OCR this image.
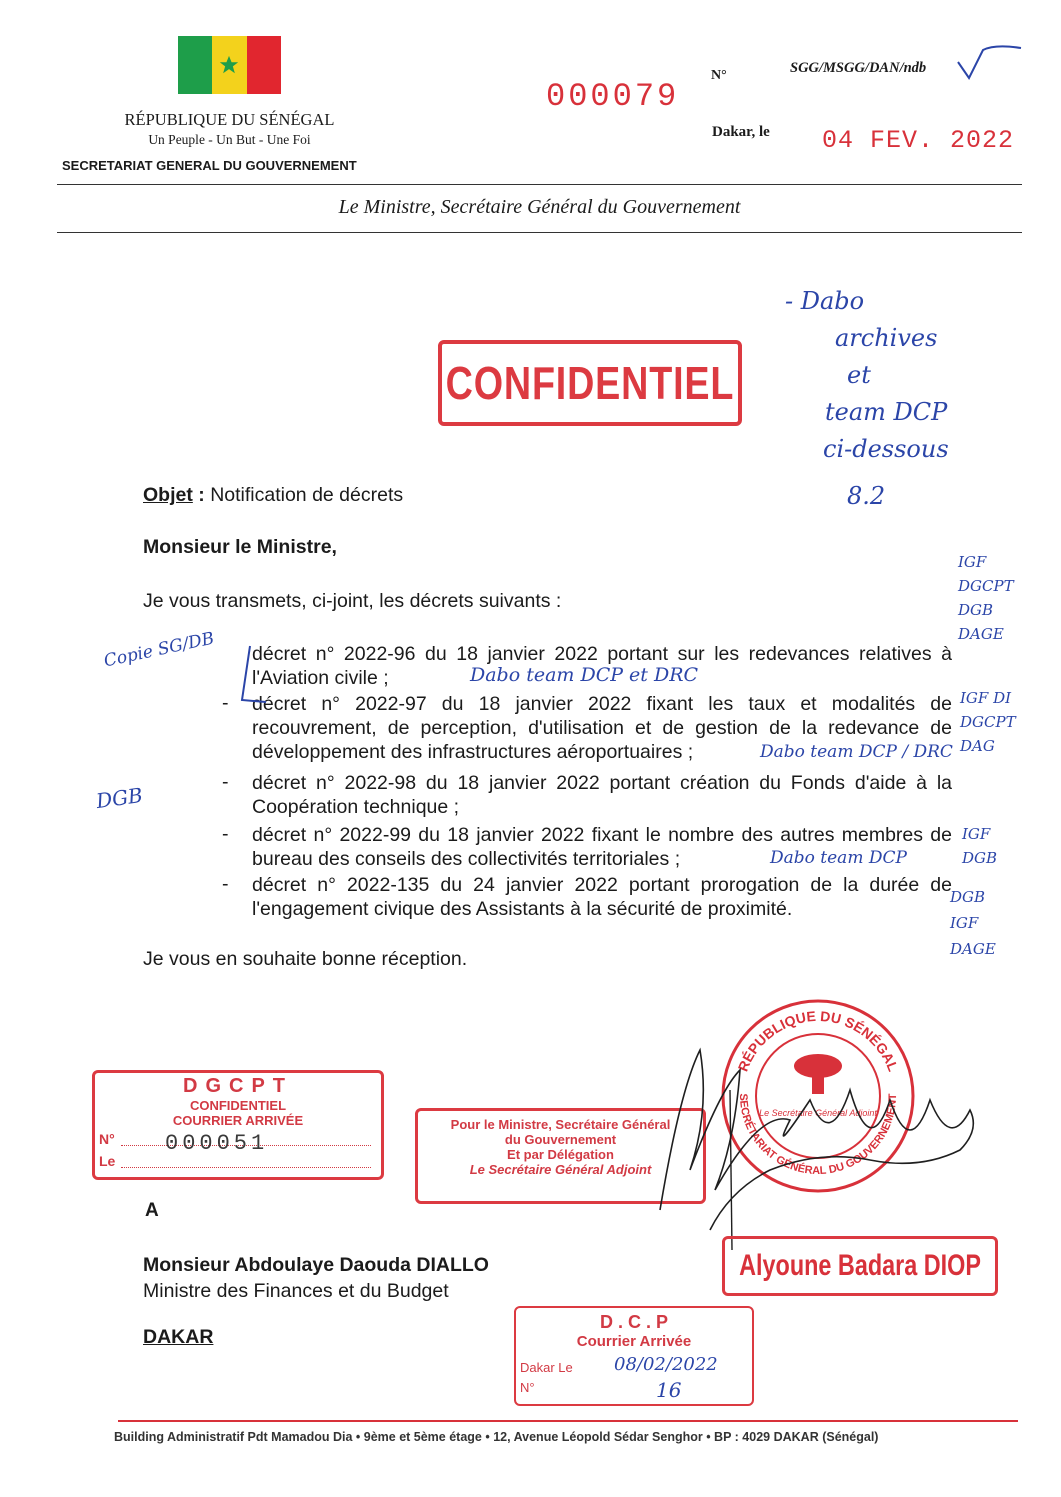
RÉPUBLIQUE DU SÉNÉGAL
Un Peuple - Un But - Une Foi
SECRETARIAT GENERAL DU GOUVERNEMENT
000079
N°	SGG/MSGG/DAN/ndb
Dakar, le 04 FEV. 2022
Le Ministre, Secrétaire Général du Gouvernement
CONFIDENTIEL
- Dabo
archives
et
team DCP
ci-dessous
8.2
Objet : Notification de décrets
Monsieur le Ministre,
Je vous transmets, ci-joint, les décrets suivants :
décret n° 2022-96 du 18 janvier 2022 portant sur les redevances relatives à l'Aviation civile ;
- décret n° 2022-97 du 18 janvier 2022 fixant les taux et modalités de recouvrement, de perception, d'utilisation et de gestion de la redevance de développement des infrastructures aéroportuaires ;
- décret n° 2022-98 du 18 janvier 2022 portant création du Fonds d'aide à la Coopération technique ;
- décret n° 2022-99 du 18 janvier 2022 fixant le nombre des autres membres de bureau des conseils des collectivités territoriales ;
- décret n° 2022-135 du 24 janvier 2022 portant prorogation de la durée de l'engagement civique des Assistants à la sécurité de proximité.
Je vous en souhaite bonne réception.
Copie SG/DB
DGB
Dabo team DCP et DRC
Dabo team DCP / DRC
Dabo team DCP
IGF
DGCPT
DGB
DAGE
IGF DI
DGCPT
DAG
IGF
DGB
DGB
IGF
DAGE
DGCPT
CONFIDENTIEL
COURRIER ARRIVÉE
N° 000051
Le
Pour le Ministre, Secrétaire Général
du Gouvernement
Et par Délégation
Le Secrétaire Général Adjoint
RÉPUBLIQUE DU SÉNÉGAL
SECRÉTARIAT GÉNÉRAL DU GOUVERNEMENT
Le Secrétaire Général Adjoint
Alyoune Badara DIOP
A
Monsieur Abdoulaye Daouda DIALLO
Ministre des Finances et du Budget
DAKAR
D . C . P
Courrier Arrivée
Dakar Le
N°
08/02/2022
16
Building Administratif Pdt Mamadou Dia • 9ème et 5ème étage • 12, Avenue Léopold Sédar Senghor • BP : 4029 DAKAR (Sénégal)
